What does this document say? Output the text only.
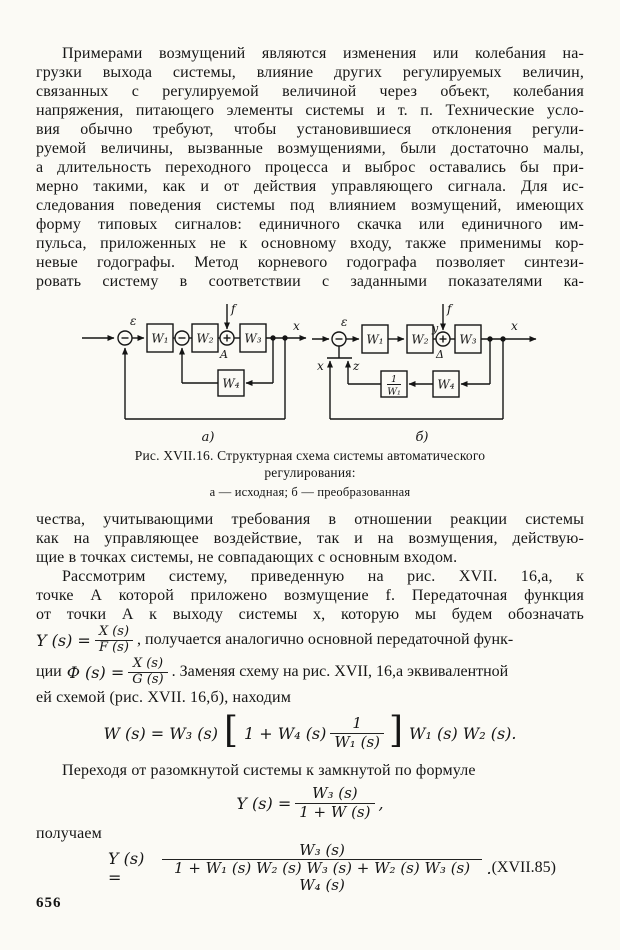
Примерами возмущений являются изменения или колебания на-
грузки выхода системы, влияние других регулируемых величин,
связанных с регулируемой величиной через объект, колебания
напряжения, питающего элементы системы и т. п. Технические усло-
вия обычно требуют, чтобы установившиеся отклонения регули-
руемой величины, вызванные возмущениями, были достаточно малы,
а длительность переходного процесса и выброс оставались бы при-
мерно такими, как и от действия управляющего сигнала. Для ис-
следования поведения системы под влиянием возмущений, имеющих
форму типовых сигналов: единичного скачка или единичного им-
пульса, приложенных не к основному входу, также применимы кор-
невые годографы. Метод корневого годографа позволяет синтези-
ровать систему в соответствии с заданными показателями ка-
ε
f
A
x
W₁ W₂	W₃
W₄
а)
ε
f
y
Δ
x
x z
W₁ W₂	W₃
W₄
1
W₁
б)
Рис. XVII.16. Структурная схема системы автоматического
регулирования:
а — исходная; б — преобразованная
чества, учитывающими требования в отношении реакции системы
как на управляющее воздействие, так и на возмущения, действую-
щие в точках системы, не совпадающих с основным входом.
Рассмотрим систему, приведенную на рис. XVII. 16,а, к
точке А которой приложено возмущение f. Передаточная функция
от точки А к выходу системы x, которую мы будем обозначать
Y $(s) = \frac{X (s)}{F (s)}$ , получается аналогично основной передаточной функ-
ции Ф $(s) = \frac{X (s)}{G (s)}$ . Заменяя схему на рис. XVII, 16,а эквивалентной
ей схемой (рис. XVII. 16,б), находим
W (s) = W₃ (s) [ 1 + W₄ $(s) \frac{1}{\text{W₁ (s)}}$ ] W₁ (s) W₂ (s).
Переходя от разомкнутой системы к замкнутой по формуле
Y $(s) = \frac{\text{W₃ (s)}}{1 + W (s)}$ ,
получаем
Y (s) =	$\frac{\text{W₃ (s)}}{\text{1 + W₁ (s) W₂ (s) W₃ (s) + W₂ (s) W₃ (s) W₄ (s)}}$ . (XVII.85)
656
